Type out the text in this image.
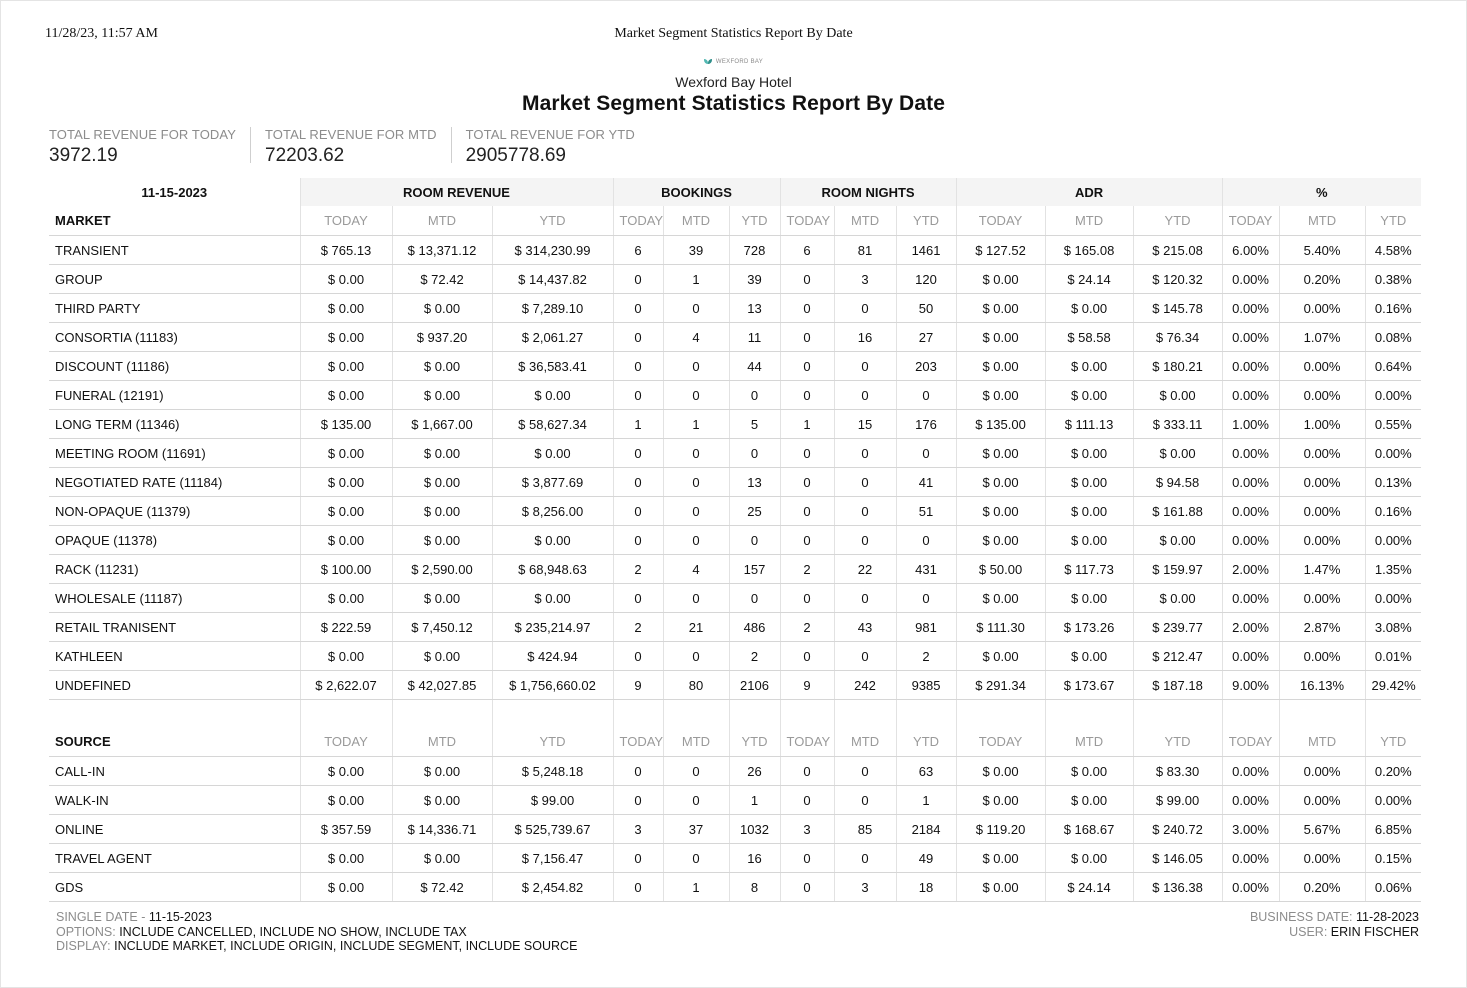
Market Segment Statistics Report By Date
11/28/23, 11:57 AM
WEXFORD BAY
Wexford Bay Hotel
Market Segment Statistics Report By Date
TOTAL REVENUE FOR TODAY
3972.19
TOTAL REVENUE FOR MTD
72203.62
TOTAL REVENUE FOR YTD
2905778.69
11-15-2023	ROOM REVENUE			BOOKINGS			ROOM NIGHTS			ADR			%		
MARKET	TODAY	MTD	YTD	TODAY	MTD	YTD	TODAY	MTD	YTD	TODAY	MTD	YTD	TODAY	MTD	YTD
TRANSIENT	$ 765.13	$ 13,371.12	$ 314,230.99	6	39	728	6	81	1461	$ 127.52	$ 165.08	$ 215.08	6.00%	5.40%	4.58%
GROUP	$ 0.00	$ 72.42	$ 14,437.82	0	1	39	0	3	120	$ 0.00	$ 24.14	$ 120.32	0.00%	0.20%	0.38%
THIRD PARTY	$ 0.00	$ 0.00	$ 7,289.10	0	0	13	0	0	50	$ 0.00	$ 0.00	$ 145.78	0.00%	0.00%	0.16%
CONSORTIA (11183)	$ 0.00	$ 937.20	$ 2,061.27	0	4	11	0	16	27	$ 0.00	$ 58.58	$ 76.34	0.00%	1.07%	0.08%
DISCOUNT (11186)	$ 0.00	$ 0.00	$ 36,583.41	0	0	44	0	0	203	$ 0.00	$ 0.00	$ 180.21	0.00%	0.00%	0.64%
FUNERAL (12191)	$ 0.00	$ 0.00	$ 0.00	0	0	0	0	0	0	$ 0.00	$ 0.00	$ 0.00	0.00%	0.00%	0.00%
LONG TERM (11346)	$ 135.00	$ 1,667.00	$ 58,627.34	1	1	5	1	15	176	$ 135.00	$ 111.13	$ 333.11	1.00%	1.00%	0.55%
MEETING ROOM (11691)	$ 0.00	$ 0.00	$ 0.00	0	0	0	0	0	0	$ 0.00	$ 0.00	$ 0.00	0.00%	0.00%	0.00%
NEGOTIATED RATE (11184)	$ 0.00	$ 0.00	$ 3,877.69	0	0	13	0	0	41	$ 0.00	$ 0.00	$ 94.58	0.00%	0.00%	0.13%
NON-OPAQUE (11379)	$ 0.00	$ 0.00	$ 8,256.00	0	0	25	0	0	51	$ 0.00	$ 0.00	$ 161.88	0.00%	0.00%	0.16%
OPAQUE (11378)	$ 0.00	$ 0.00	$ 0.00	0	0	0	0	0	0	$ 0.00	$ 0.00	$ 0.00	0.00%	0.00%	0.00%
RACK (11231)	$ 100.00	$ 2,590.00	$ 68,948.63	2	4	157	2	22	431	$ 50.00	$ 117.73	$ 159.97	2.00%	1.47%	1.35%
WHOLESALE (11187)	$ 0.00	$ 0.00	$ 0.00	0	0	0	0	0	0	$ 0.00	$ 0.00	$ 0.00	0.00%	0.00%	0.00%
RETAIL TRANISENT	$ 222.59	$ 7,450.12	$ 235,214.97	2	21	486	2	43	981	$ 111.30	$ 173.26	$ 239.77	2.00%	2.87%	3.08%
KATHLEEN	$ 0.00	$ 0.00	$ 424.94	0	0	2	0	0	2	$ 0.00	$ 0.00	$ 212.47	0.00%	0.00%	0.01%
UNDEFINED	$ 2,622.07	$ 42,027.85	$ 1,756,660.02	9	80	2106	9	242	9385	$ 291.34	$ 173.67	$ 187.18	9.00%	16.13%	29.42%

SOURCE	TODAY	MTD	YTD	TODAY	MTD	YTD	TODAY	MTD	YTD	TODAY	MTD	YTD	TODAY	MTD	YTD
CALL-IN	$ 0.00	$ 0.00	$ 5,248.18	0	0	26	0	0	63	$ 0.00	$ 0.00	$ 83.30	0.00%	0.00%	0.20%
WALK-IN	$ 0.00	$ 0.00	$ 99.00	0	0	1	0	0	1	$ 0.00	$ 0.00	$ 99.00	0.00%	0.00%	0.00%
ONLINE	$ 357.59	$ 14,336.71	$ 525,739.67	3	37	1032	3	85	2184	$ 119.20	$ 168.67	$ 240.72	3.00%	5.67%	6.85%
TRAVEL AGENT	$ 0.00	$ 0.00	$ 7,156.47	0	0	16	0	0	49	$ 0.00	$ 0.00	$ 146.05	0.00%	0.00%	0.15%
GDS	$ 0.00	$ 72.42	$ 2,454.82	0	1	8	0	3	18	$ 0.00	$ 24.14	$ 136.38	0.00%	0.20%	0.06%
SINGLE DATE - 11-15-2023
OPTIONS: INCLUDE CANCELLED, INCLUDE NO SHOW, INCLUDE TAX
DISPLAY: INCLUDE MARKET, INCLUDE ORIGIN, INCLUDE SEGMENT, INCLUDE SOURCE
BUSINESS DATE: 11-28-2023
USER: ERIN FISCHER
